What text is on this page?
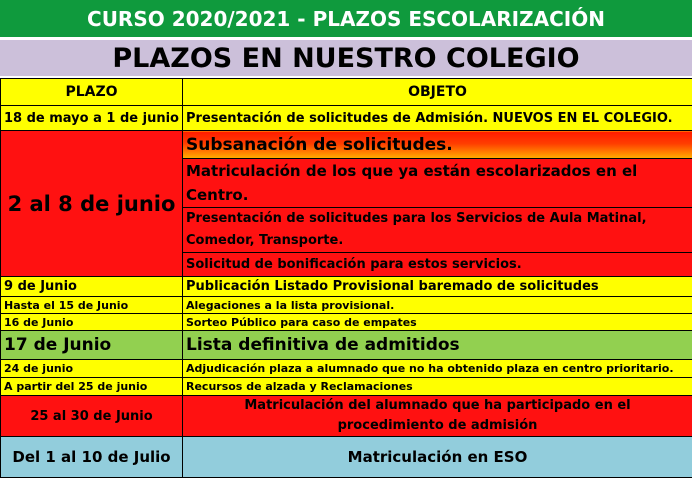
CURSO 2020/2021 - PLAZOS ESCOLARIZACIÓN
PLAZOS EN NUESTRO COLEGIO
PLAZO	OBJETO
18 de mayo a 1 de junio	Presentación de solicitudes de Admisión. NUEVOS EN EL COLEGIO.
2 al 8 de junio	Subsanación de solicitudes.
	Matriculación de los que ya están escolarizados en el Centro.
	Presentación de solicitudes para los Servicios de Aula Matinal, Comedor, Transporte.
	Solicitud de bonificación para estos servicios.
9 de Junio	Publicación Listado Provisional baremado de solicitudes
Hasta el 15 de Junio	Alegaciones a la lista provisional.
16 de Junio	Sorteo Público para caso de empates
17 de Junio	Lista definitiva de admitidos
24 de junio	Adjudicación plaza a alumnado que no ha obtenido plaza en centro prioritario.
A partir del 25 de junio	Recursos de alzada y Reclamaciones
25 al 30 de Junio	Matriculación del alumnado que ha participado en el procedimiento de admisión
Del 1 al 10 de Julio	Matriculación en ESO
